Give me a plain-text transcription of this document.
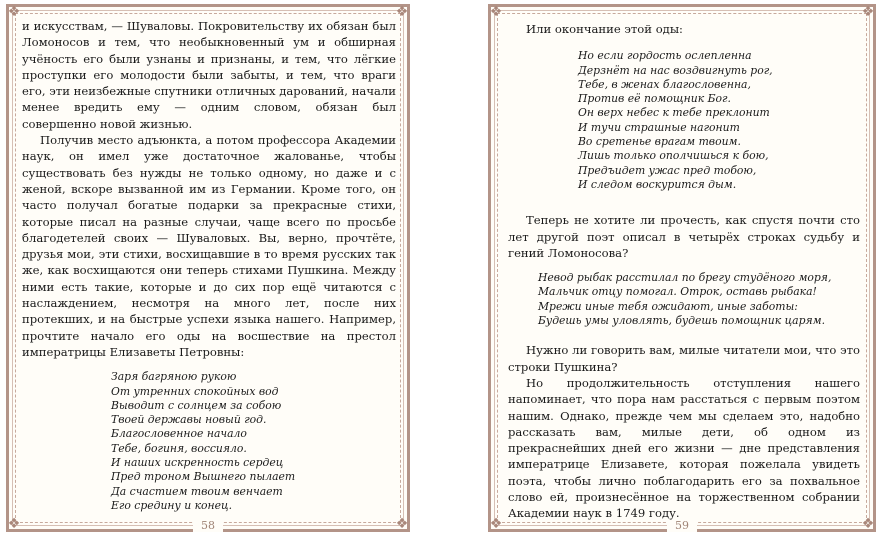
❖	❖
❖	❖
58

и искусствам, — Шуваловы. Покровительству их обязан был Ломоносов и тем, что необыкновенный ум и обширная учёность его были узнаны и признаны, и тем, что лёгкие проступки его молодости были забыты, и тем, что враги его, эти неизбежные спутники отличных дарований, начали менее вредить ему — одним словом, обязан был совершенно новой жизнью.

Получив место адъюнкта, а потом профессора Академии наук, он имел уже достаточное жалованье, чтобы существовать без нужды не только одному, но даже и с женой, вскоре вызванной им из Германии. Кроме того, он часто получал богатые подарки за прекрасные стихи, которые писал на разные случаи, чаще всего по просьбе благодетелей своих — Шуваловых. Вы, верно, прочтёте, друзья мои, эти стихи, восхищавшие в то время русских так же, как восхищаются они теперь стихами Пушкина. Между ними есть такие, которые и до сих пор ещё читаются с наслаждением, несмотря на много лет, после них протекших, и на быстрые успехи языка нашего. Например, прочтите начало его оды на восшествие на престол императрицы Елизаветы Петровны:

Заря багряною рукою
От утренних спокойных вод
Выводит с солнцем за собою
Твоей державы новый год.
Благословенное начало
Тебе, богиня, воссияло.
И наших искренность сердец
Пред троном Вышнего пылает
Да счастием твоим венчает
Его средину и конец.
❖	❖
❖	❖
59

Или окончание этой оды:

Но если гордость ослепленна
Дерзнёт на нас воздвигнуть рог,
Тебе, в женах благословенна,
Против её помощник Бог.
Он верх небес к тебе преклонит
И тучи страшные нагонит
Во сретенье врагам твоим.
Лишь только ополчишься к бою,
Предъидет ужас пред тобою,
И следом воскурится дым.

Теперь не хотите ли прочесть, как спустя почти сто лет другой поэт описал в четырёх строках судьбу и гений Ломоносова?

Невод рыбак расстилал по брегу студёного моря,
Мальчик отцу помогал. Отрок, оставь рыбака!
Мрежи иные тебя ожидают, иные заботы:
Будешь умы уловлять, будешь помощник царям.

Нужно ли говорить вам, милые читатели мои, что это строки Пушкина?

Но продолжительность отступления нашего напоминает, что пора нам расстаться с первым поэтом нашим. Однако, прежде чем мы сделаем это, надобно рассказать вам, милые дети, об одном из прекраснейших дней его жизни — дне представления императрице Елизавете, которая пожелала увидеть поэта, чтобы лично поблагодарить его за похвальное слово ей, произнесённое на торжественном собрании Академии наук в 1749 году.
